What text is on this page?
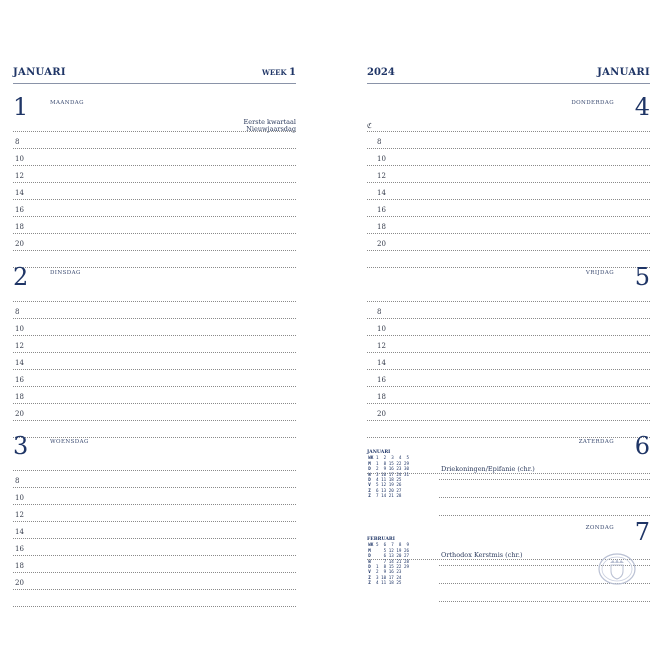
JANUARI	WEEK 1
1	MAANDAG
Eerste kwartaal
Nieuwjaarsdag
8
10
12
14
16
18
20
2	DINSDAG
8
10
12
14
16
18
20
3	WOENSDAG
8
10
12
14
16
18
20
2024	JANUARI
4
DONDERDAG
ℭ
8
10
12
14
16
18
20
5
VRIJDAG
8
10
12
14
16
18
20
6
ZATERDAG
Driekoningen/Epifanie (chr.)
JANUARI
WK	1	2	3	4	5
M	1	8	15	22	29
D	2	9	16	23	30
W	3	10	17	24	31
D	4	11	18	25	
V	5	12	19	26	
Z	6	13	20	27	
Z	7	14	21	28	
7
ZONDAG
Orthodox Kerstmis (chr.)
FEBRUARI
WK	5	6	7	8	9
M		5	12	19	26
D		6	13	20	27
W		7	14	21	28
D	1	8	15	22	29
V	2	9	16	23	
Z	3	10	17	24	
Z	4	11	18	25	
